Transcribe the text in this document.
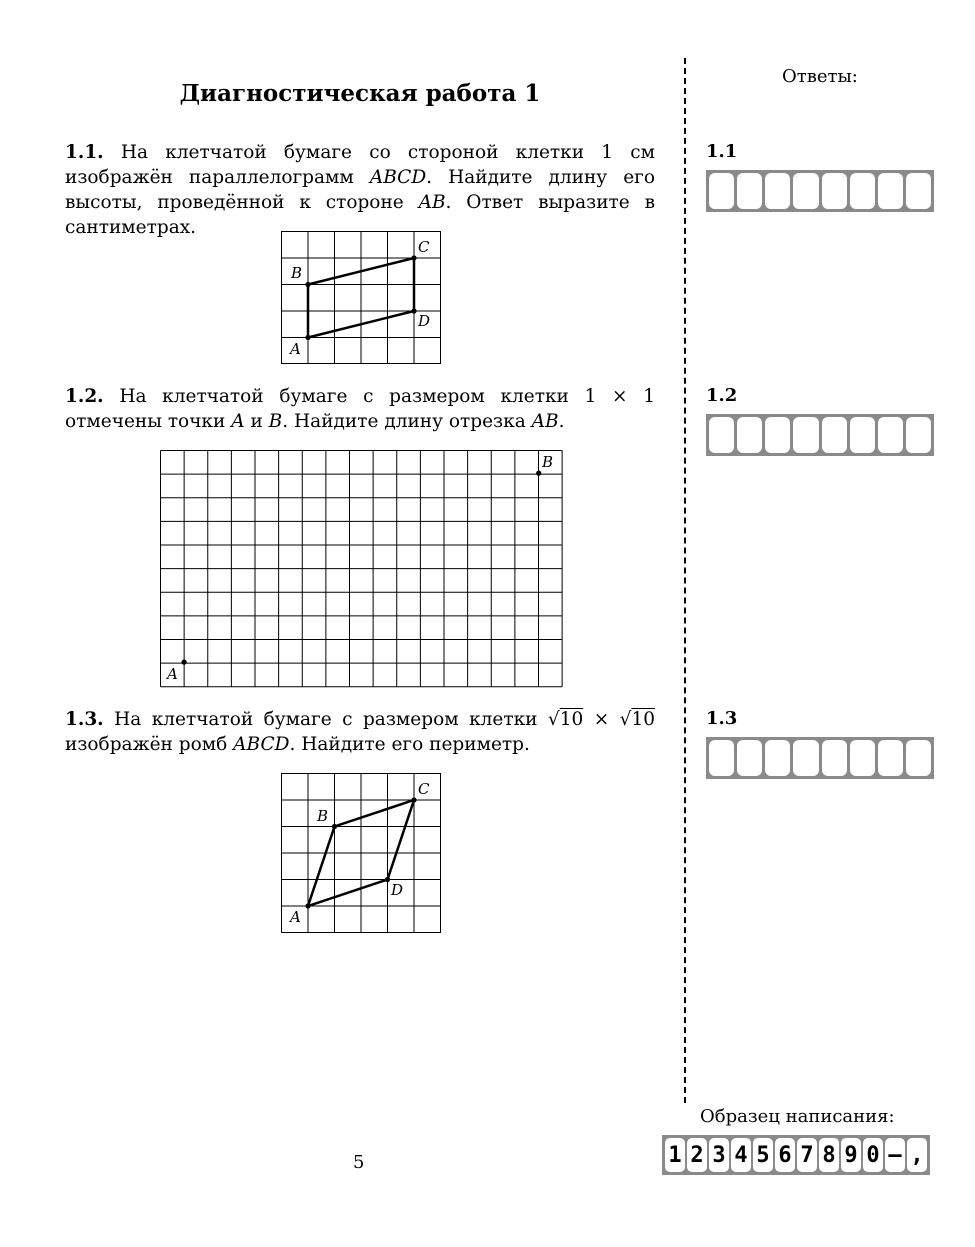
Диагностическая работа 1
1.1. На клетчатой бумаге со стороной клетки 1 см изображён параллелограмм ABCD. Найдите длину его высоты, проведённой к стороне AB. Ответ выразите в сантиметрах.
A
B
C
D
1.2. На клетчатой бумаге с размером клетки 1 × 1 отмечены точки A и B. Найдите длину отрезка AB.
A
B
1.3. На клетчатой бумаге с размером клетки √10 × √10 изображён ромб ABCD. Найдите его периметр.
A
B
C
D
Ответы:
1.1
1.2
1.3
Образец написания:
1 2 3 4 5 6 7 8 9 0 – ,
5
